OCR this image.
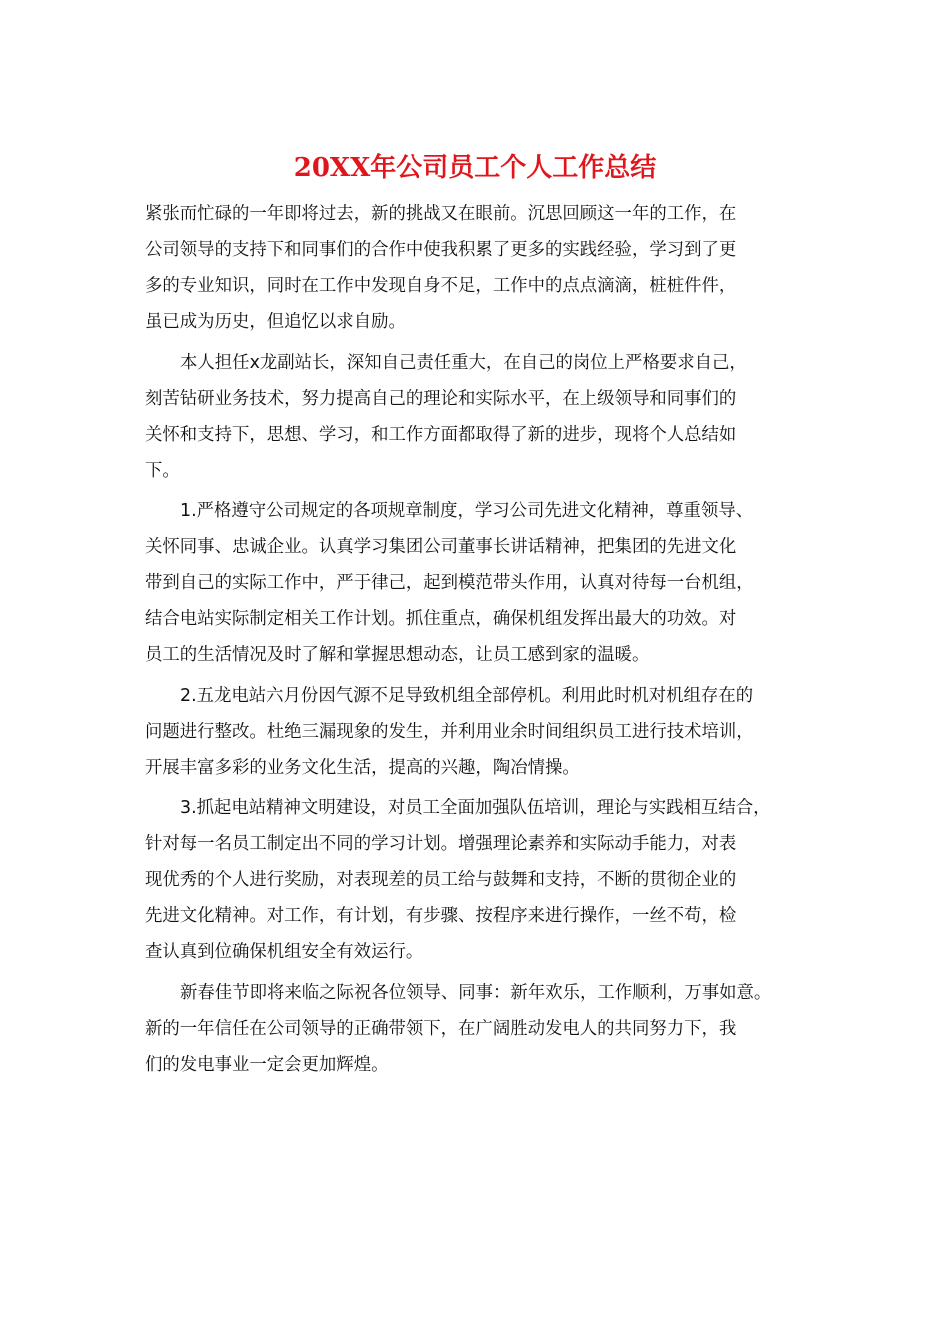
20XX年公司员工个人工作总结
紧张而忙碌的一年即将过去，新的挑战又在眼前。沉思回顾这一年的工作，在
公司领导的支持下和同事们的合作中使我积累了更多的实践经验，学习到了更
多的专业知识，同时在工作中发现自身不足，工作中的点点滴滴，桩桩件件，
虽已成为历史，但追忆以求自励。
本人担任x龙副站长，深知自己责任重大，在自己的岗位上严格要求自己，
刻苦钻研业务技术，努力提高自己的理论和实际水平，在上级领导和同事们的
关怀和支持下，思想、学习，和工作方面都取得了新的进步，现将个人总结如
下。
1.严格遵守公司规定的各项规章制度，学习公司先进文化精神，尊重领导、
关怀同事、忠诚企业。认真学习集团公司董事长讲话精神，把集团的先进文化
带到自己的实际工作中，严于律己，起到模范带头作用，认真对待每一台机组，
结合电站实际制定相关工作计划。抓住重点，确保机组发挥出最大的功效。对
员工的生活情况及时了解和掌握思想动态，让员工感到家的温暖。
2.五龙电站六月份因气源不足导致机组全部停机。利用此时机对机组存在的
问题进行整改。杜绝三漏现象的发生，并利用业余时间组织员工进行技术培训，
开展丰富多彩的业务文化生活，提高的兴趣，陶冶情操。
3.抓起电站精神文明建设，对员工全面加强队伍培训，理论与实践相互结合，
针对每一名员工制定出不同的学习计划。增强理论素养和实际动手能力，对表
现优秀的个人进行奖励，对表现差的员工给与鼓舞和支持，不断的贯彻企业的
先进文化精神。对工作，有计划，有步骤、按程序来进行操作，一丝不苟，检
查认真到位确保机组安全有效运行。
新春佳节即将来临之际祝各位领导、同事：新年欢乐，工作顺利，万事如意。
新的一年信任在公司领导的正确带领下，在广阔胜动发电人的共同努力下，我
们的发电事业一定会更加辉煌。
